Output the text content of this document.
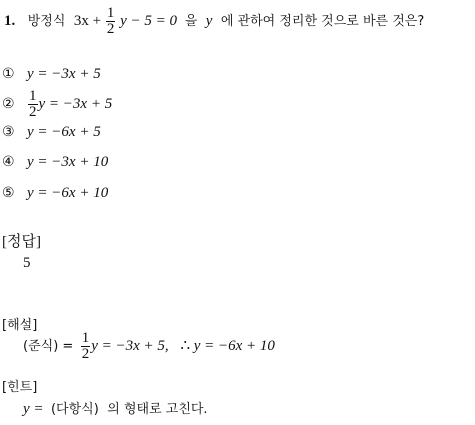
1. 방정식 $3x + \frac{1}{2}$ y − 5 = 0 을 y 에 관하여 정리한 것으로 바른 것은?
① y = −3x + 5
② $\frac{1}{2}$ y = −3x + 5
③ y = −6x + 5
④ y = −3x + 10
⑤ y = −6x + 10
[정답]
5
[해설]
(준식) = $\frac{1}{2}$ y = −3x + 5, ∴ y = −6x + 10
[힌트]
y = (다항식) 의 형태로 고친다.
